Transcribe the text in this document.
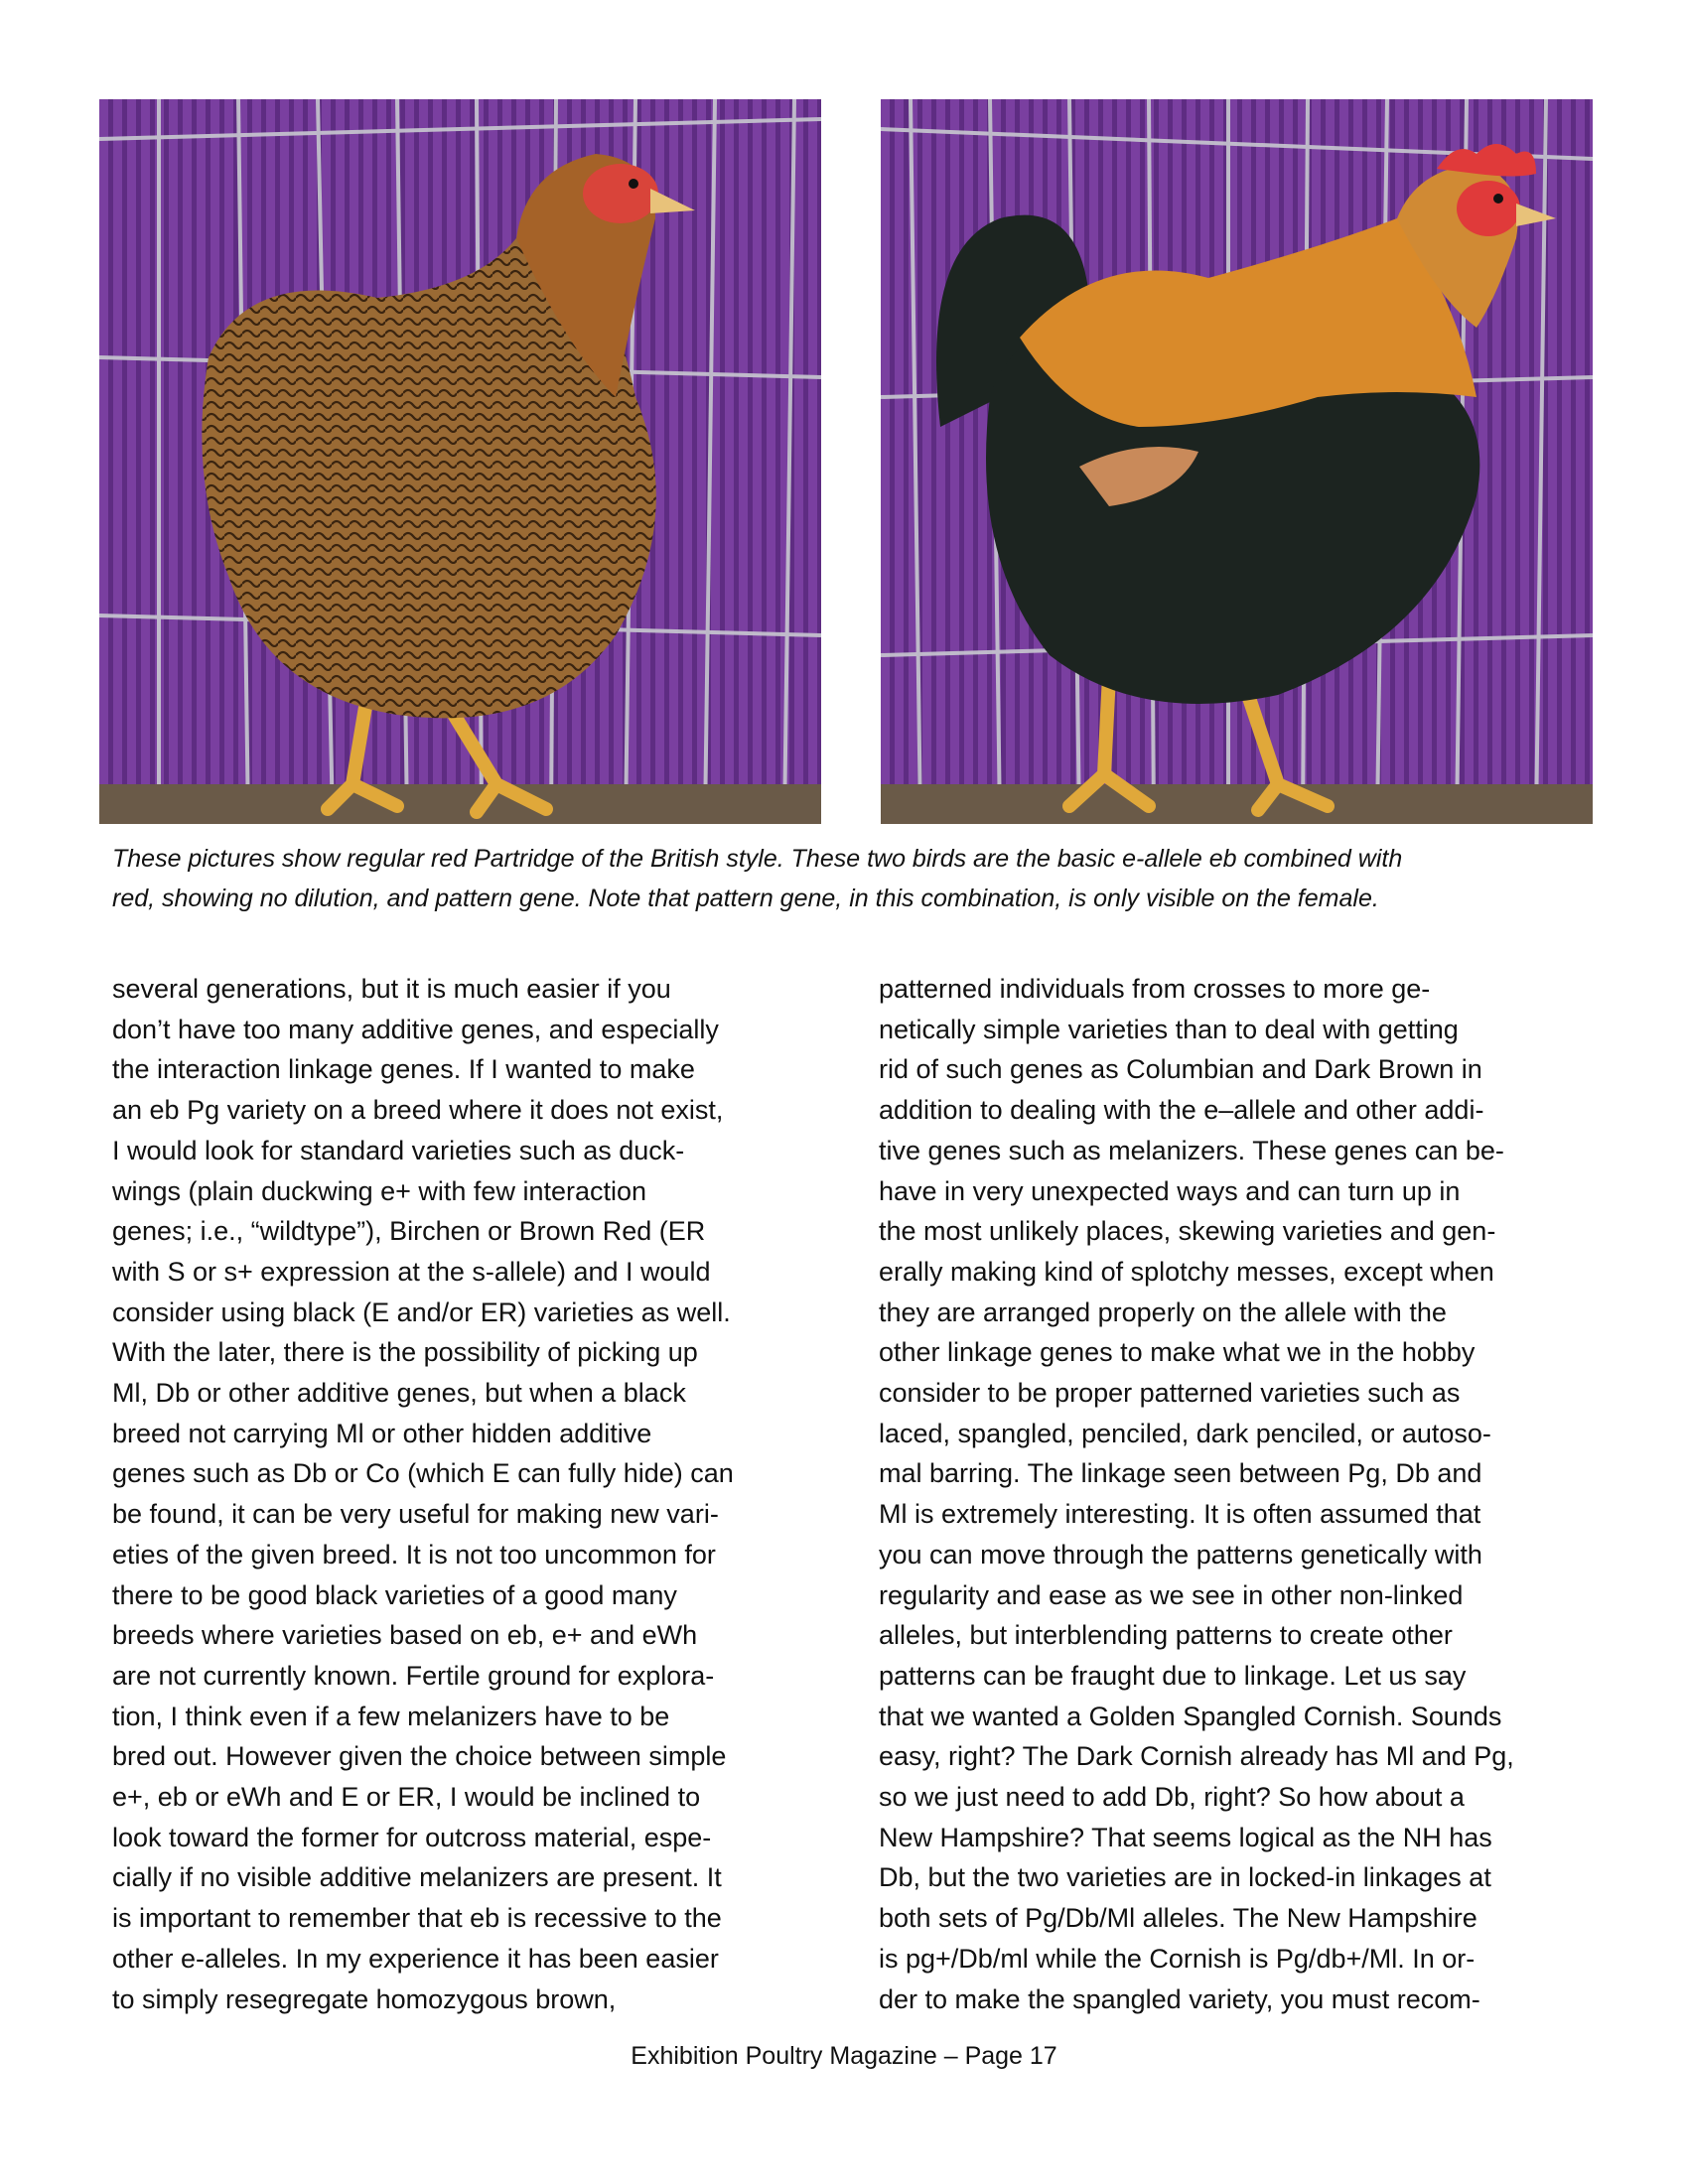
These pictures show regular red Partridge of the British style. These two birds are the basic e-allele eb combined with
red, showing no dilution, and pattern gene. Note that pattern gene, in this combination, is only visible on the female.
several generations, but it is much easier if you
don’t have too many additive genes, and especially
the interaction linkage genes. If I wanted to make
an eb Pg variety on a breed where it does not exist,
I would look for standard varieties such as duck-
wings (plain duckwing e+ with few interaction
genes; i.e., “wildtype”), Birchen or Brown Red (ER
with S or s+ expression at the s-allele) and I would
consider using black (E and/or ER) varieties as well.
With the later, there is the possibility of picking up
Ml, Db or other additive genes, but when a black
breed not carrying Ml or other hidden additive
genes such as Db or Co (which E can fully hide) can
be found, it can be very useful for making new vari-
eties of the given breed. It is not too uncommon for
there to be good black varieties of a good many
breeds where varieties based on eb, e+ and eWh
are not currently known. Fertile ground for explora-
tion, I think even if a few melanizers have to be
bred out. However given the choice between simple
e+, eb or eWh and E or ER, I would be inclined to
look toward the former for outcross material, espe-
cially if no visible additive melanizers are present. It
is important to remember that eb is recessive to the
other e-alleles. In my experience it has been easier
to simply resegregate homozygous brown,
patterned individuals from crosses to more ge-
netically simple varieties than to deal with getting
rid of such genes as Columbian and Dark Brown in
addition to dealing with the e–allele and other addi-
tive genes such as melanizers. These genes can be-
have in very unexpected ways and can turn up in
the most unlikely places, skewing varieties and gen-
erally making kind of splotchy messes, except when
they are arranged properly on the allele with the
other linkage genes to make what we in the hobby
consider to be proper patterned varieties such as
laced, spangled, penciled, dark penciled, or autoso-
mal barring. The linkage seen between Pg, Db and
Ml is extremely interesting. It is often assumed that
you can move through the patterns genetically with
regularity and ease as we see in other non-linked
alleles, but interblending patterns to create other
patterns can be fraught due to linkage. Let us say
that we wanted a Golden Spangled Cornish. Sounds
easy, right? The Dark Cornish already has Ml and Pg,
so we just need to add Db, right? So how about a
New Hampshire? That seems logical as the NH has
Db, but the two varieties are in locked-in linkages at
both sets of Pg/Db/Ml alleles. The New Hampshire
is pg+/Db/ml while the Cornish is Pg/db+/Ml. In or-
der to make the spangled variety, you must recom-
Exhibition Poultry Magazine – Page 17
